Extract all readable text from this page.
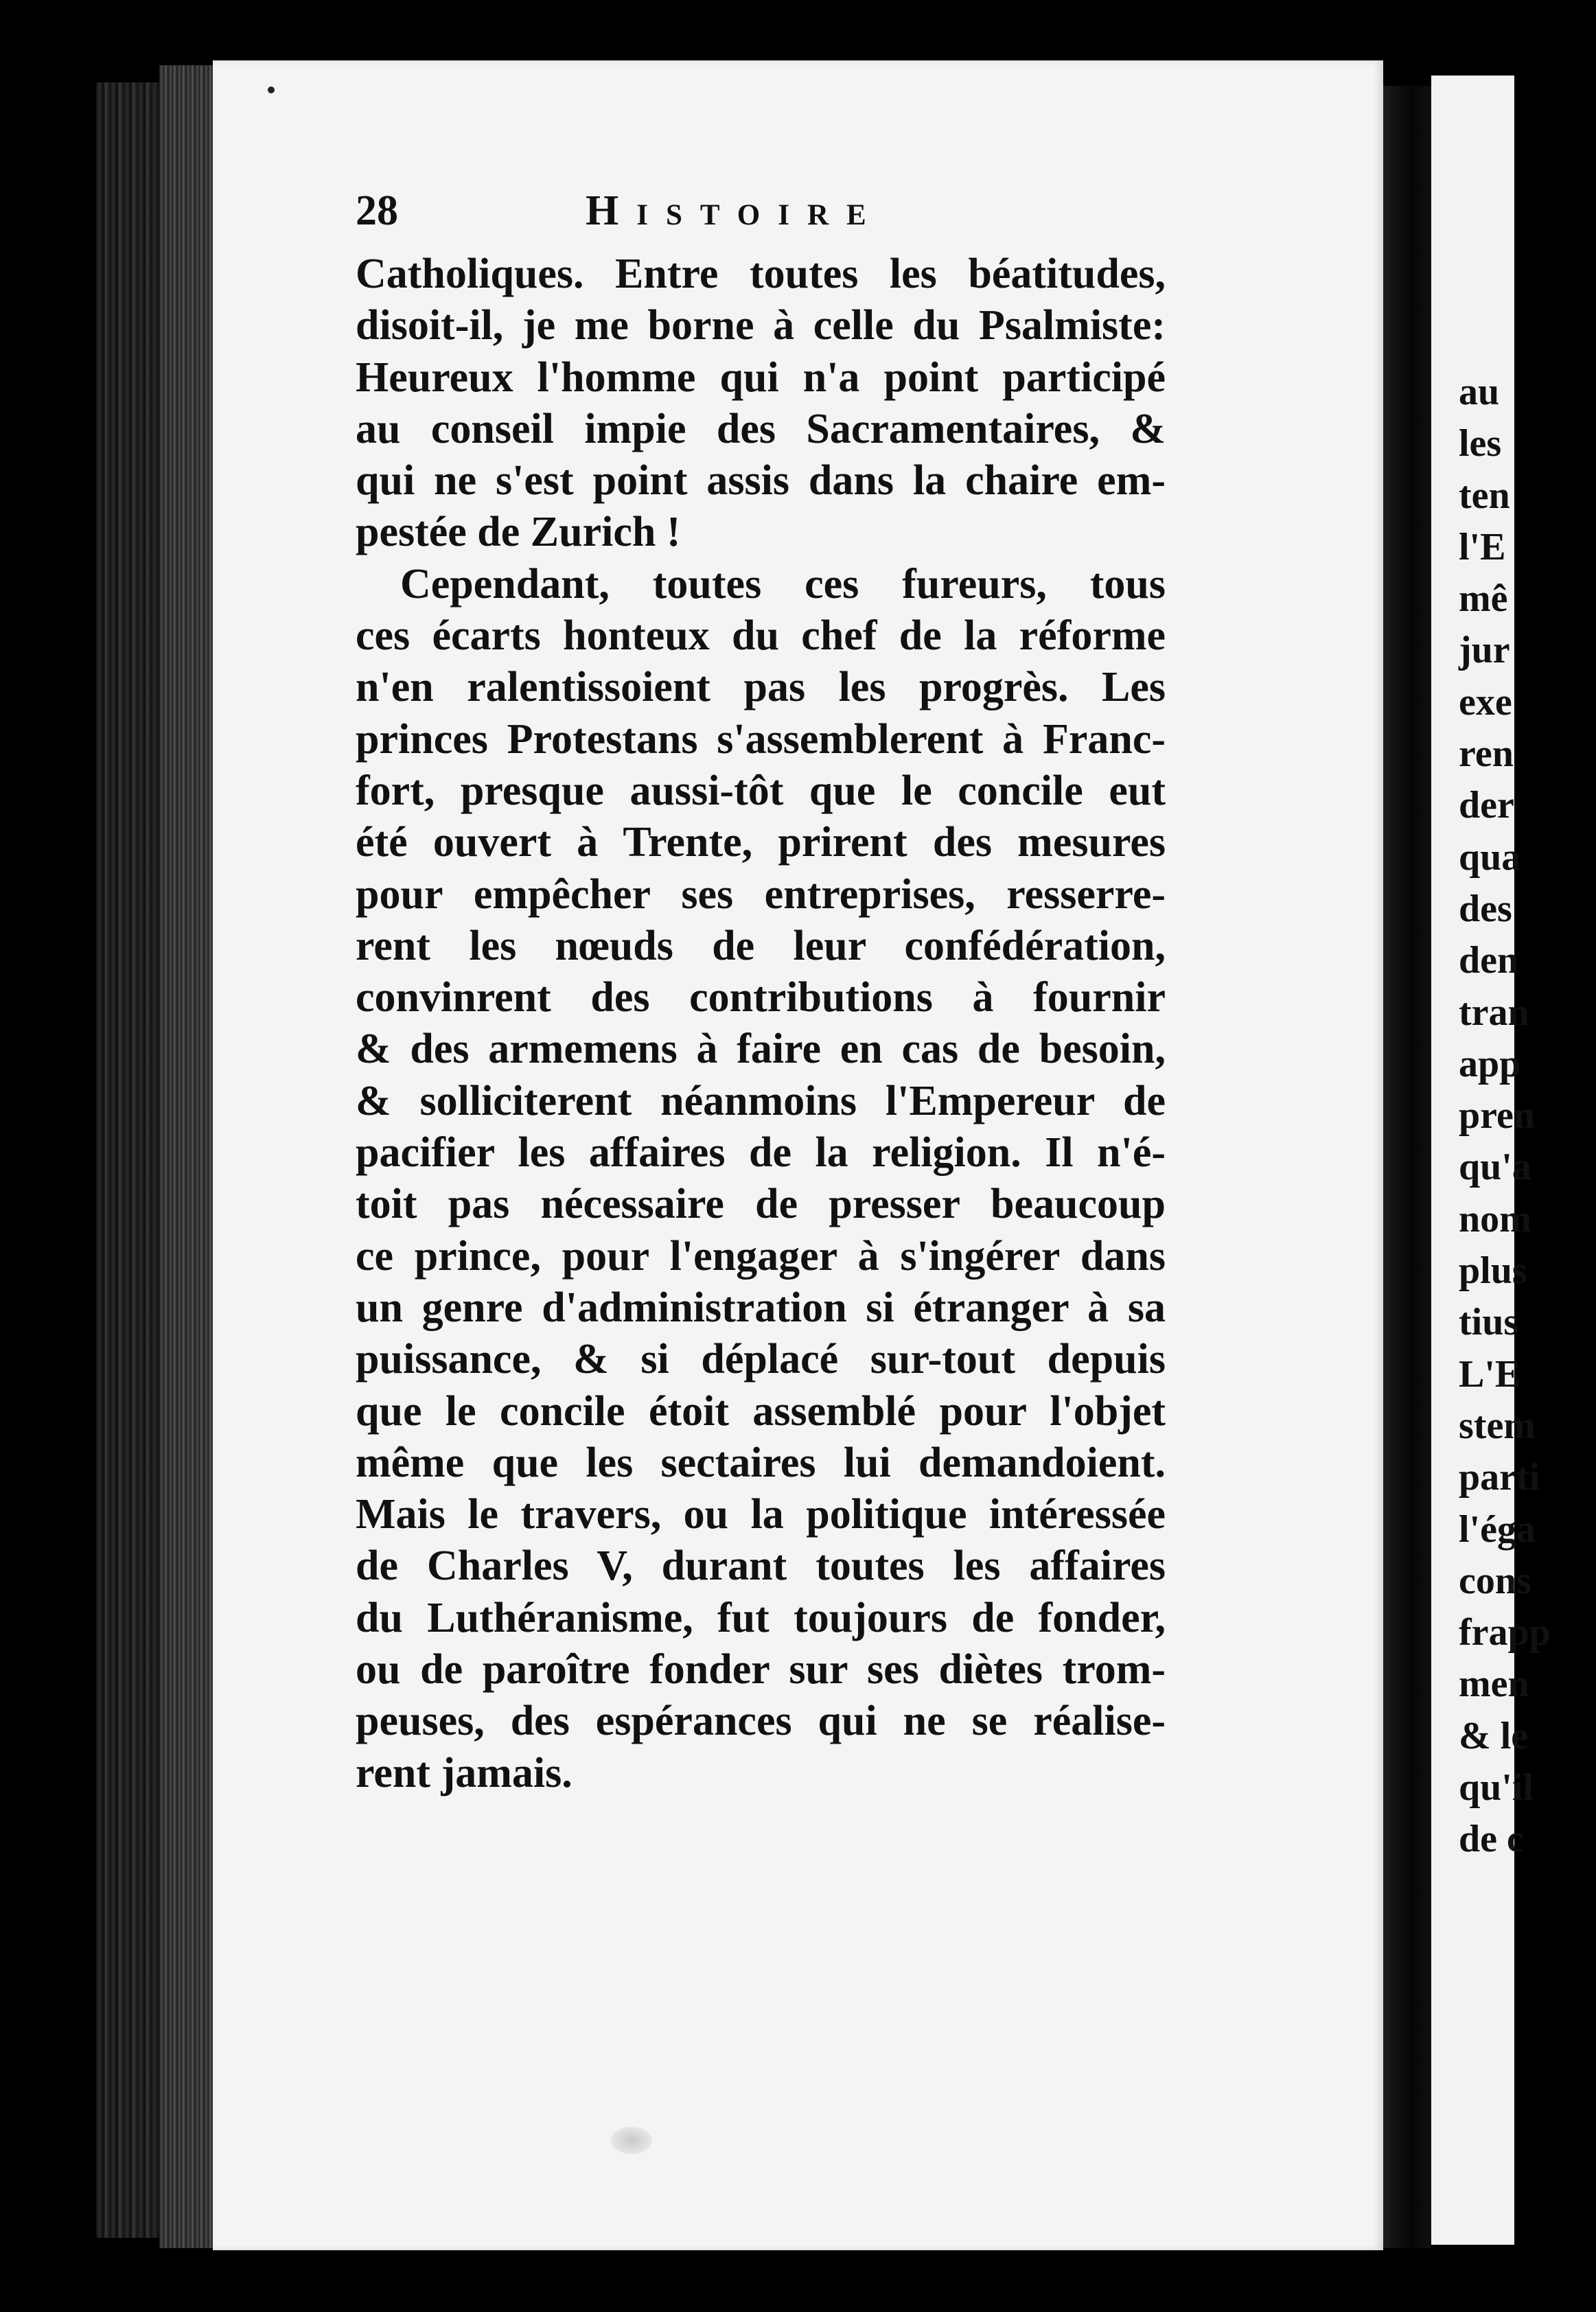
28	Histoire
Catholiques. Entre toutes les béatitudes,
disoit-il, je me borne à celle du Psalmiste:
Heureux l'homme qui n'a point participé
au conseil impie des Sacramentaires, &
qui ne s'est point assis dans la chaire em-
pestée de Zurich !
Cependant, toutes ces fureurs, tous
ces écarts honteux du chef de la réforme
n'en ralentissoient pas les progrès. Les
princes Protestans s'assemblerent à Franc-
fort, presque aussi-tôt que le concile eut
été ouvert à Trente, prirent des mesures
pour empêcher ses entreprises, resserre-
rent les nœuds de leur confédération,
convinrent des contributions à fournir
& des armemens à faire en cas de besoin,
& solliciterent néanmoins l'Empereur de
pacifier les affaires de la religion. Il n'é-
toit pas nécessaire de presser beaucoup
ce prince, pour l'engager à s'ingérer dans
un genre d'administration si étranger à sa
puissance, & si déplacé sur-tout depuis
que le concile étoit assemblé pour l'objet
même que les sectaires lui demandoient.
Mais le travers, ou la politique intéressée
de Charles V, durant toutes les affaires
du Luthéranisme, fut toujours de fonder,
ou de paroître fonder sur ses diètes trom-
peuses, des espérances qui ne se réalise-
rent jamais.
au
les
ten
l'E
mê
jur
exe
ren
der
qua
des
den
tran
app
pren
qu'a
nom
plus
tius
L'E
stem
parti
l'éga
cons
frapp
men
& le
qu'il
de c
